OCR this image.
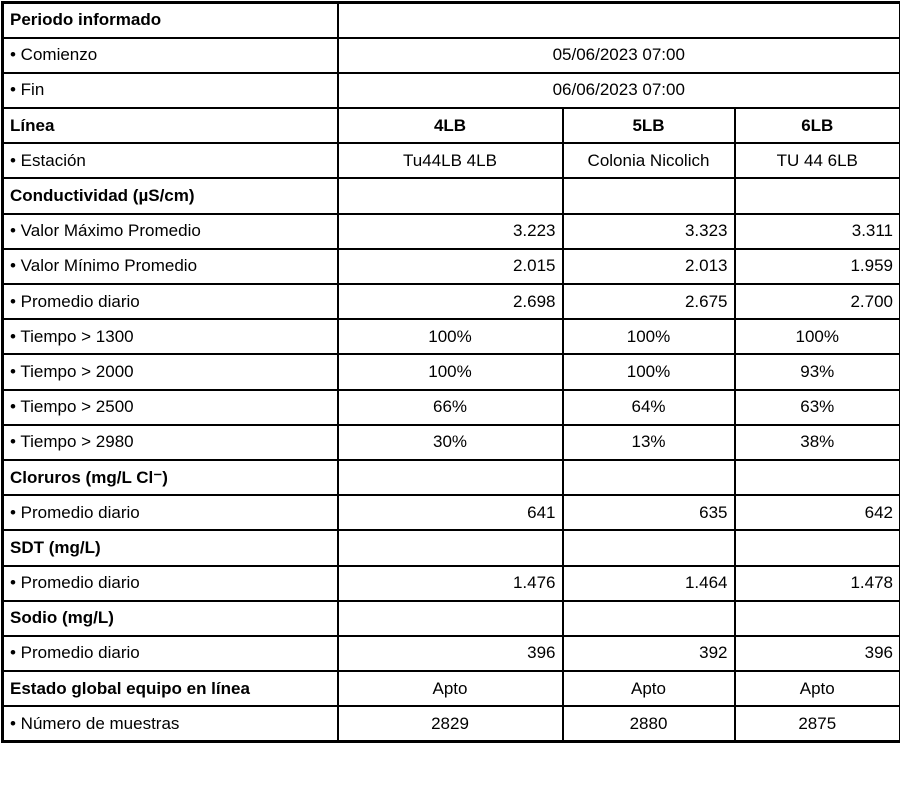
Periodo informado			
• Comienzo	05/06/2023 07:00		
• Fin	06/06/2023 07:00		
Línea	4LB	5LB	6LB
• Estación	Tu44LB 4LB	Colonia Nicolich	TU 44 6LB
Conductividad (µS/cm)			
• Valor Máximo Promedio	3.223	3.323	3.311
• Valor Mínimo Promedio	2.015	2.013	1.959
• Promedio diario	2.698	2.675	2.700
• Tiempo > 1300	100%	100%	100%
• Tiempo > 2000	100%	100%	93%
• Tiempo > 2500	66%	64%	63%
• Tiempo > 2980	30%	13%	38%
Cloruros (mg/L Cl⁻)			
• Promedio diario	641	635	642
SDT (mg/L)			
• Promedio diario	1.476	1.464	1.478
Sodio (mg/L)			
• Promedio diario	396	392	396
Estado global equipo en línea	Apto	Apto	Apto
• Número de muestras	2829	2880	2875
